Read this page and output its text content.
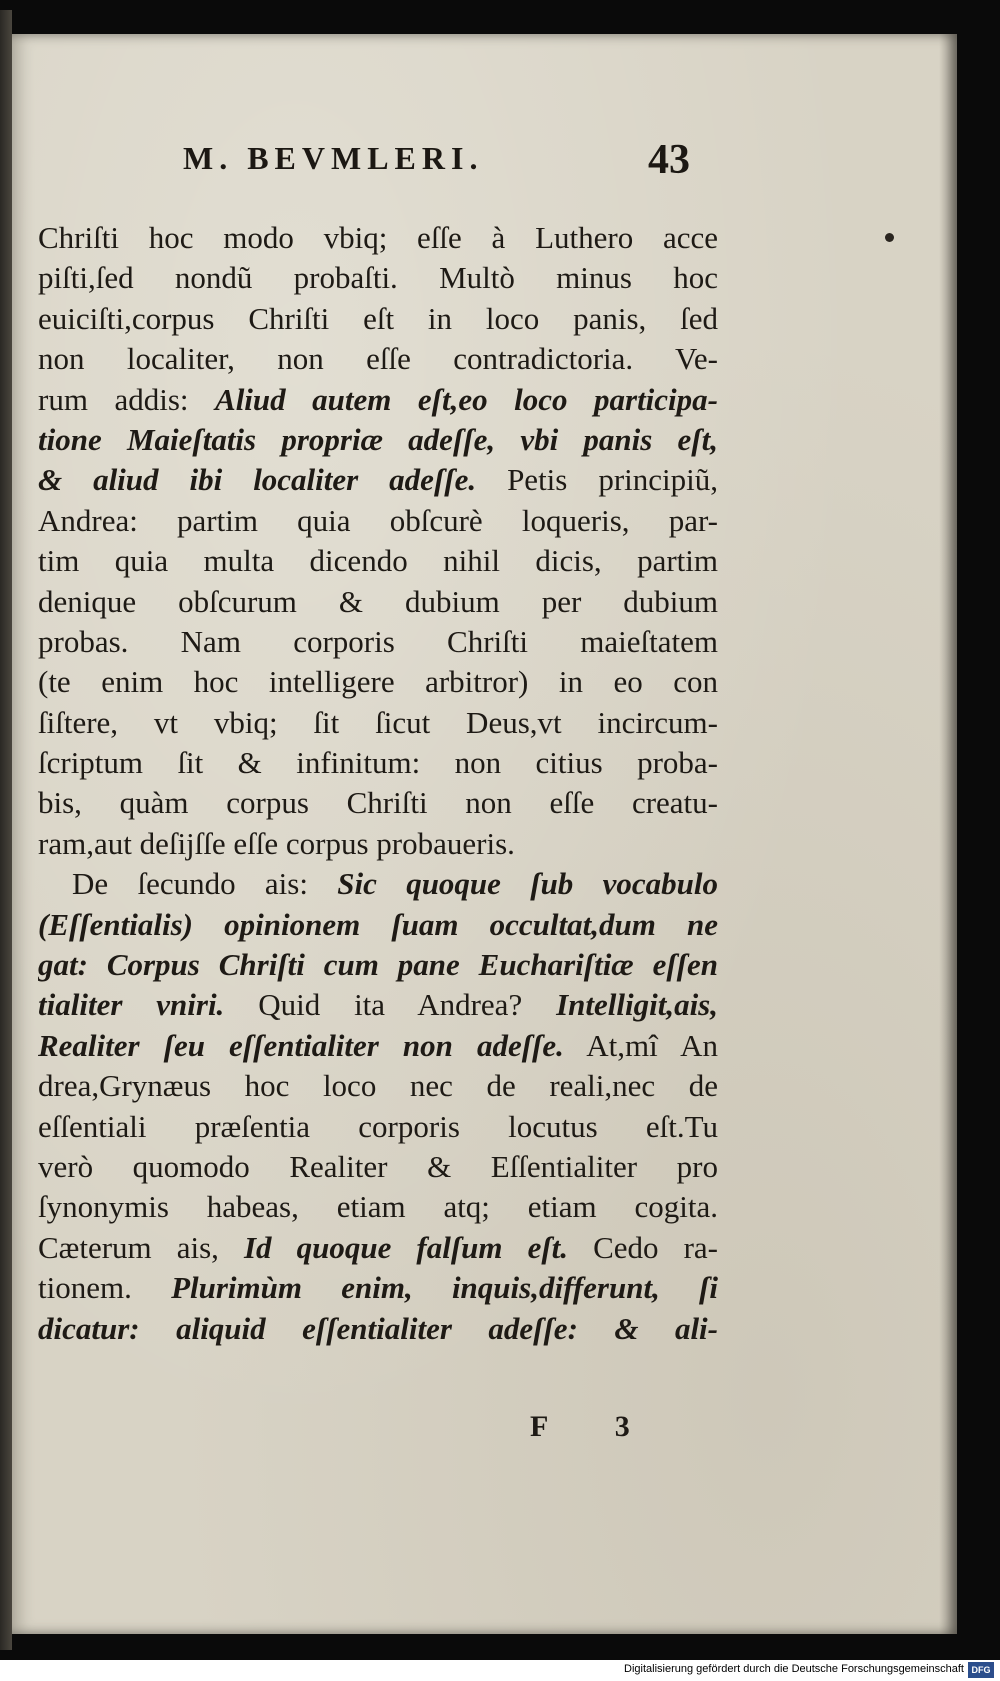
M. BEVMLERI.	43
Chriſti hoc modo vbiq; eſſe à Luthero acce
piſti,ſed nondũ probaſti. Multò minus hoc
euiciſti,corpus Chriſti eſt in loco panis, ſed
non localiter, non eſſe contradictoria. Ve-
rum addis: Aliud autem eſt,eo loco participa-
tione Maieſtatis propriæ adeſſe, vbi panis eſt,
& aliud ibi localiter adeſſe. Petis principiũ,
Andrea: partim quia obſcurè loqueris, par-
tim quia multa dicendo nihil dicis, partim
denique obſcurum & dubium per dubium
probas. Nam corporis Chriſti maieſtatem
(te enim hoc intelligere arbitror) in eo con
ſiſtere, vt vbiq; ſit ſicut Deus,vt incircum-
ſcriptum ſit & infinitum: non citius proba-
bis, quàm corpus Chriſti non eſſe creatu-
ram,aut deſijſſe eſſe corpus probaueris.
De ſecundo ais: Sic quoque ſub vocabulo
(Eſſentialis) opinionem ſuam occultat,dum ne
gat: Corpus Chriſti cum pane Euchariſtiæ eſſen
tialiter vniri. Quid ita Andrea? Intelligit,ais,
Realiter ſeu eſſentialiter non adeſſe. At,mî An
drea,Grynæus hoc loco nec de reali,nec de
eſſentiali præſentia corporis locutus eſt.Tu
verò quomodo Realiter & Eſſentialiter pro
ſynonymis habeas, etiam atq; etiam cogita.
Cæterum ais, Id quoque falſum eſt. Cedo ra-
tionem. Plurimùm enim, inquis,differunt, ſi
dicatur: aliquid eſſentialiter adeſſe: & ali-
F 3
Digitalisierung gefördert durch die Deutsche Forschungsgemeinschaft DFG
